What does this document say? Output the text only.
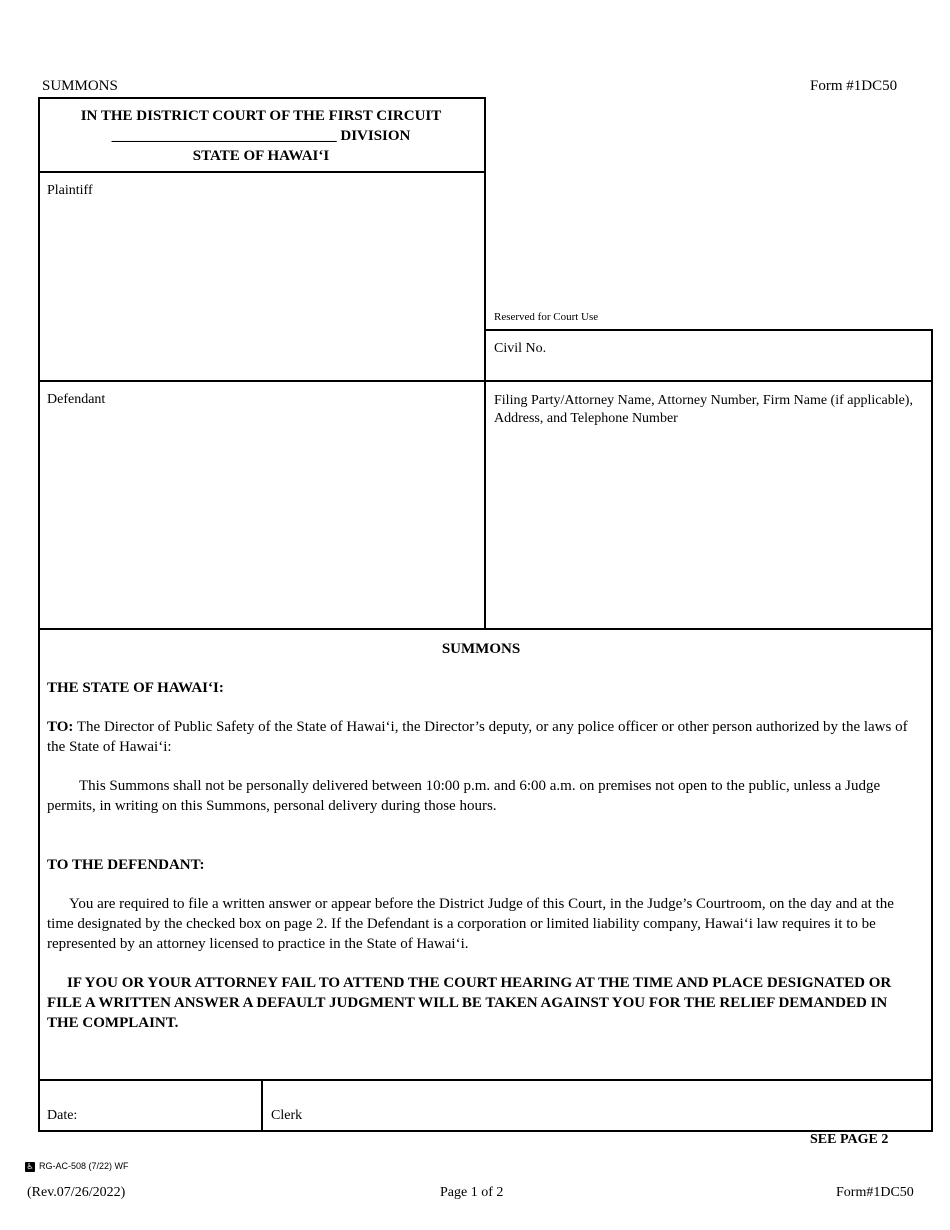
SUMMONS	Form #1DC50
IN THE DISTRICT COURT OF THE FIRST CIRCUIT
______________________________ DIVISION
STATE OF HAWAI‘I
Plaintiff
Reserved for Court Use
Civil No.
Defendant	Filing Party/Attorney Name, Attorney Number, Firm Name (if applicable), Address, and Telephone Number
SUMMONS
THE STATE OF HAWAI‘I:
TO: The Director of Public Safety of the State of Hawai‘i, the Director’s deputy, or any police officer or other person authorized by the laws of the State of Hawai‘i:
This Summons shall not be personally delivered between 10:00 p.m. and 6:00 a.m. on premises not open to the public, unless a Judge permits, in writing on this Summons, personal delivery during those hours.
TO THE DEFENDANT:
You are required to file a written answer or appear before the District Judge of this Court, in the Judge’s Courtroom, on the day and at the time designated by the checked box on page 2. If the Defendant is a corporation or limited liability company, Hawai‘i law requires it to be represented by an attorney licensed to practice in the State of Hawai‘i.
IF YOU OR YOUR ATTORNEY FAIL TO ATTEND THE COURT HEARING AT THE TIME AND PLACE DESIGNATED OR FILE A WRITTEN ANSWER A DEFAULT JUDGMENT WILL BE TAKEN AGAINST YOU FOR THE RELIEF DEMANDED IN THE COMPLAINT.
Date:	Clerk
SEE PAGE 2
♿ RG-AC-508 (7/22) WF
(Rev.07/26/2022)	Page 1 of 2	Form#1DC50
